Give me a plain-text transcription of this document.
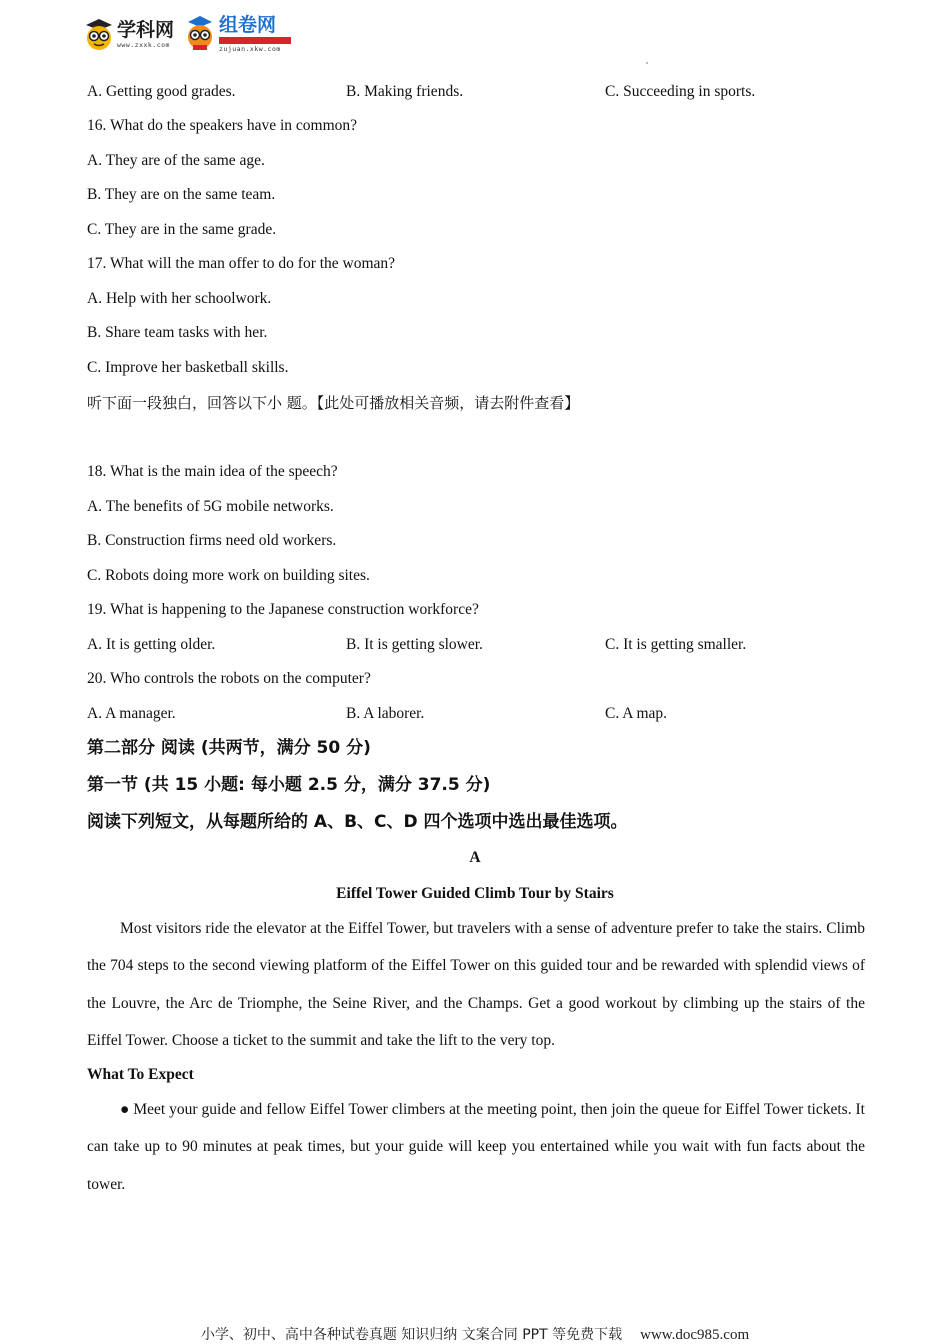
学科网
www.zxxk.com
组卷网
zujuan.xkw.com
A. Getting good grades.	B. Making friends.	C. Succeeding in sports.
16. What do the speakers have in common?
A. They are of the same age.
B. They are on the same team.
C. They are in the same grade.
17. What will the man offer to do for the woman?
A. Help with her schoolwork.
B. Share team tasks with her.
C. Improve her basketball skills.
听下面一段独白，回答以下小 题。【此处可播放相关音频，请去附件查看】
18. What is the main idea of the speech?
A. The benefits of 5G mobile networks.
B. Construction firms need old workers.
C. Robots doing more work on building sites.
19. What is happening to the Japanese construction workforce?
A. It is getting older.	B. It is getting slower.	C. It is getting smaller.
20. Who controls the robots on the computer?
A. A manager.	B. A laborer.	C. A map.
第二部分 阅读 (共两节，满分 50 分)
第一节 (共 15 小题: 每小题 2.5 分，满分 37.5 分)
阅读下列短文，从每题所给的 A、B、C、D 四个选项中选出最佳选项。
A
Eiffel Tower Guided Climb Tour by Stairs
Most visitors ride the elevator at the Eiffel Tower, but travelers with a sense of adventure prefer to take the stairs. Climb the 704 steps to the second viewing platform of the Eiffel Tower on this guided tour and be rewarded with splendid views of the Louvre, the Arc de Triomphe, the Seine River, and the Champs. Get a good workout by climbing up the stairs of the Eiffel Tower. Choose a ticket to the summit and take the lift to the very top.
What To Expect
● Meet your guide and fellow Eiffel Tower climbers at the meeting point, then join the queue for Eiffel Tower tickets. It can take up to 90 minutes at peak times, but your guide will keep you entertained while you wait with fun facts about the tower.
小学、初中、高中各种试卷真题 知识归纳 文案合同 PPT 等免费下载 www.doc985.com
